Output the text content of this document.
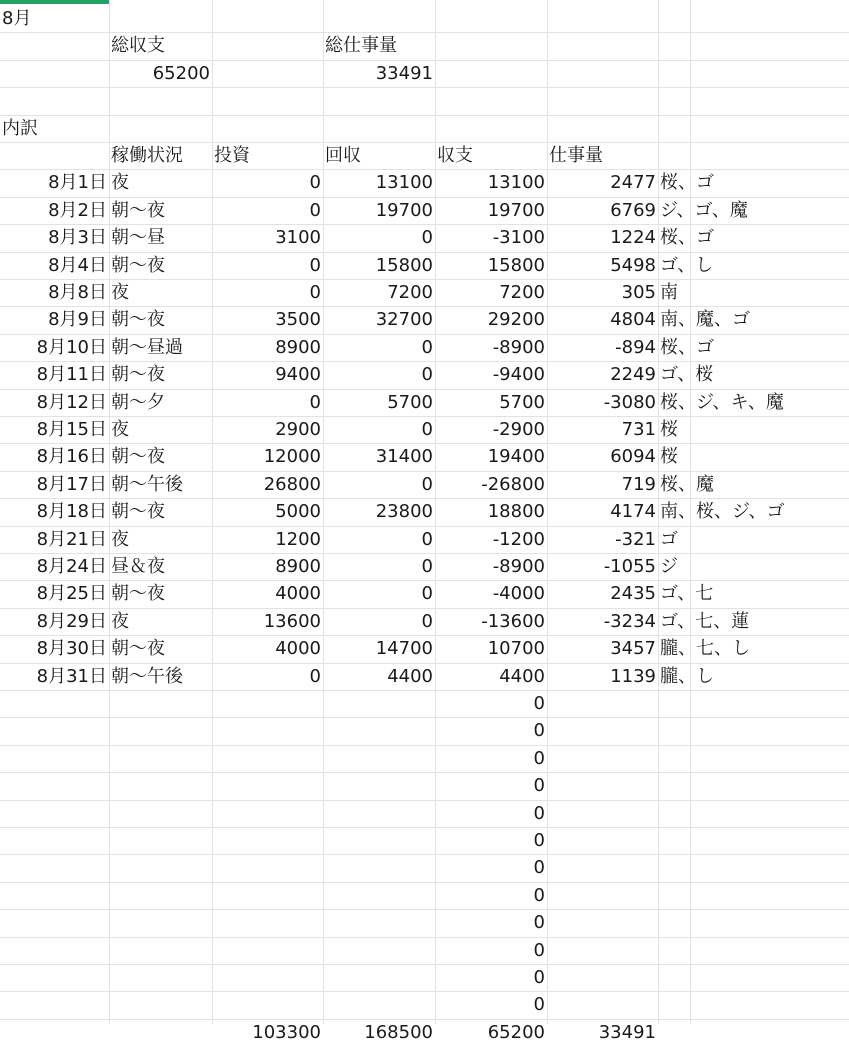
8月
総収支	総仕事量
65200	33491
内訳
稼働状況	投資	回収	収支	仕事量
8月1日 夜	0	13100	13100	2477 桜、ゴ
8月2日 朝〜夜	0	19700	19700	6769 ジ、ゴ、魔
8月3日 朝〜昼	3100	0	-3100	1224 桜、ゴ
8月4日 朝〜夜	0	15800	15800	5498 ゴ、し
8月8日 夜	0	7200	7200	305 南
8月9日 朝〜夜	3500	32700	29200	4804 南、魔、ゴ
8月10日 朝〜昼過	8900	0	-8900	-894 桜、ゴ
8月11日 朝〜夜	9400	0	-9400	2249 ゴ、桜
8月12日 朝〜夕	0	5700	5700	-3080 桜、ジ、キ、魔
8月15日 夜	2900	0	-2900	731 桜
8月16日 朝〜夜	12000	31400	19400	6094 桜
8月17日 朝〜午後	26800	0	-26800	719 桜、魔
8月18日 朝〜夜	5000	23800	18800	4174 南、桜、ジ、ゴ
8月21日 夜	1200	0	-1200	-321 ゴ
8月24日 昼＆夜	8900	0	-8900	-1055 ジ
8月25日 朝〜夜	4000	0	-4000	2435 ゴ、七
8月29日 夜	13600	0	-13600	-3234 ゴ、七、蓮
8月30日 朝〜夜	4000	14700	10700	3457 朧、七、し
8月31日 朝〜午後	0	4400	4400	1139 朧、し
0
0
0
0
0
0
0
0
0
0
0
0
103300	168500	65200	33491
